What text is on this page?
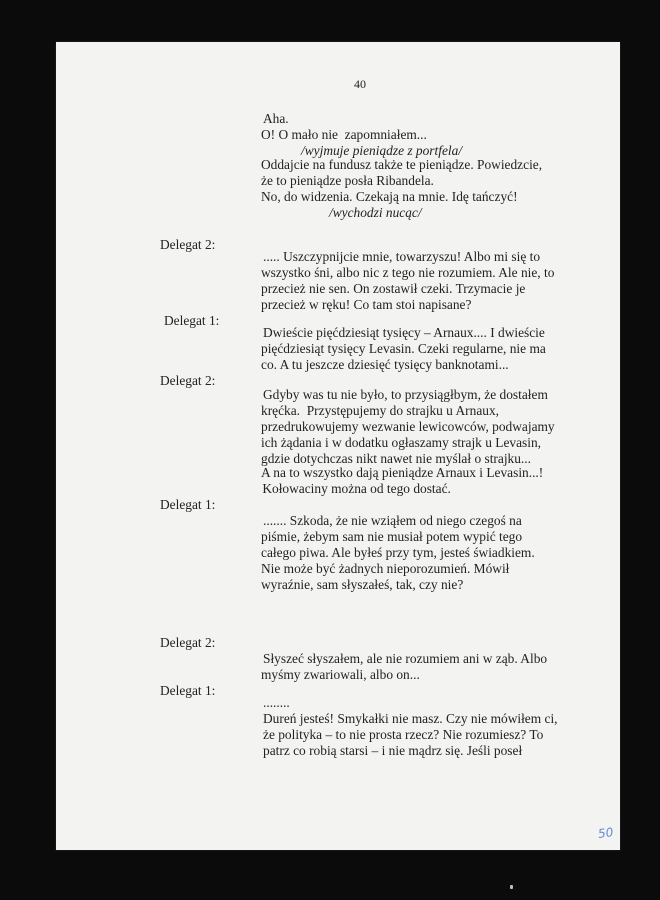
40
Aha.
O! O mało nie  zapomniałem...
/wyjmuje pieniądze z portfela/
Oddajcie na fundusz także te pieniądze. Powiedzcie,
że to pieniądze posła Ribandela.
No, do widzenia. Czekają na mnie. Idę tańczyć!
/wychodzi nucąc/
Delegat 2:
..... Uszczypnijcie mnie, towarzyszu! Albo mi się to
wszystko śni, albo nic z tego nie rozumiem. Ale nie, to
przecież nie sen. On zostawił czeki. Trzymacie je
przecież w ręku! Co tam stoi napisane?
Delegat 1:
Dwieście pięćdziesiąt tysięcy – Arnaux.... I dwieście
pięćdziesiąt tysięcy Levasin. Czeki regularne, nie ma
co. A tu jeszcze dziesięć tysięcy banknotami...
Delegat 2:
Gdyby was tu nie było, to przysiągłbym, że dostałem
kręćka.  Przystępujemy do strajku u Arnaux,
przedrukowujemy wezwanie lewicowców, podwajamy
ich żądania i w dodatku ogłaszamy strajk u Levasin,
gdzie dotychczas nikt nawet nie myślał o strajku...
A na to wszystko dają pieniądze Arnaux i Levasin...!
Kołowaciny można od tego dostać.
Delegat 1:
....... Szkoda, że nie wziąłem od niego czegoś na
piśmie, żebym sam nie musiał potem wypić tego
całego piwa. Ale byłeś przy tym, jesteś świadkiem.
Nie może być żadnych nieporozumień. Mówił
wyraźnie, sam słyszałeś, tak, czy nie?
Delegat 2:
Słyszeć słyszałem, ale nie rozumiem ani w ząb. Albo
myśmy zwariowali, albo on...
Delegat 1:
........
Dureń jesteś! Smykałki nie masz. Czy nie mówiłem ci,
że polityka – to nie prosta rzecz? Nie rozumiesz? To
patrz co robią starsi – i nie mądrz się. Jeśli poseł
50
